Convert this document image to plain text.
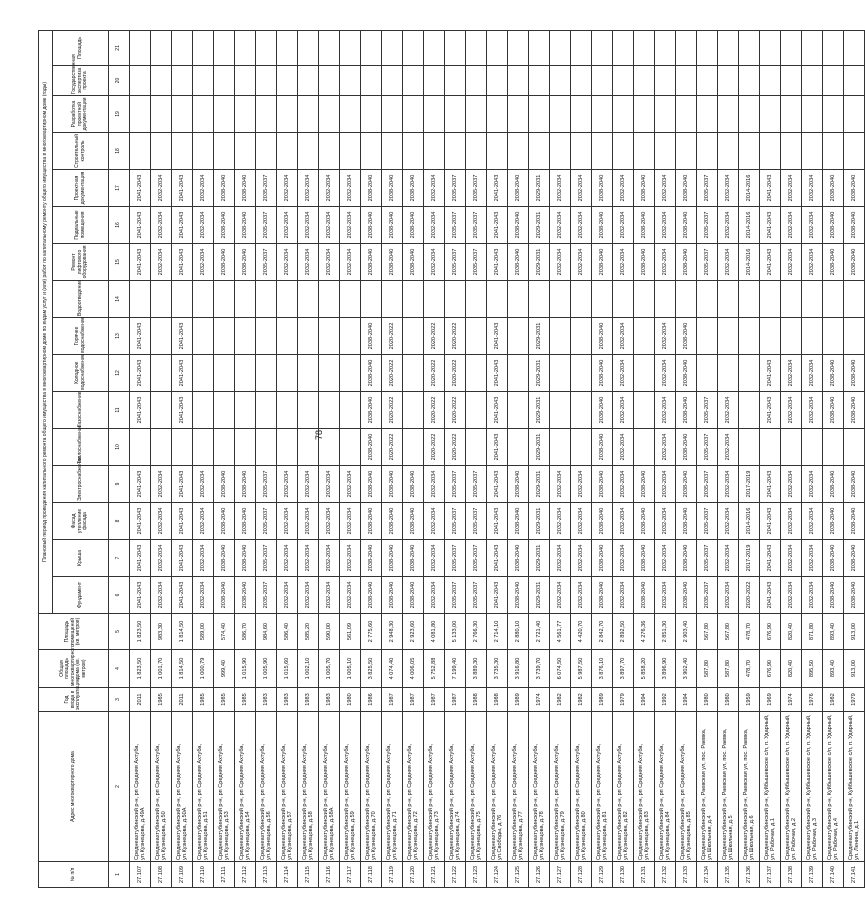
78
№ п/п	Адрес многоквартирного дома	Год ввода в эксплуатацию	Общая площадь многоквартирного дома (кв. метров)	Площадь помещений (кв. метров)	Плановый период проведения капитального ремонта общего имущества в многоквартирном доме по видам услуг и (или) работ по капитальному ремонту общего имущества в многоквартирном доме (годы)															
					Фундамент	Крыша	Фасад утепление фасада	Электроснабжение	Теплоснабжение	Газоснабжение	Холодное водоснабжение	Горячее водоснабжение	Водоотведение	Ремонт лифтового оборудования	Подвальные помещения	Проектная документация	Строительный контроль	Разработка проектной документации	Государственная экспертиза проекта	Площадь
1	2	3	4	5	6	7	8	9	10	11	12	13	14	15	16	17	18	19	20	21
27.107	Среднеахтубинский р-н, рп Средняя Ахтуба, ул.Кузнецова, д.49А	2011	1 823,50	1 823,50	2041-2043	2041-2043	2041-2043	2041-2043		2041-2043	2041-2043	2041-2043		2041-2043	2041-2043	2041-2043				
27.108	Среднеахтубинский р-н, рп Средняя Ахтуба, ул.Кузнецова, д.50	1985	1 001,70	983,30	2032-2034	2032-2034	2032-2034	2032-2034						2032-2034	2032-2034	2032-2034				
27.109	Среднеахтубинский р-н, рп Средняя Ахтуба, ул.Кузнецова, д.50А	2011	1 814,50	1 814,50	2041-2043	2041-2043	2041-2043	2041-2043		2041-2043	2041-2043	2041-2043		2041-2043	2041-2043	2041-2043				
27.110	Среднеахтубинский р-н, рп Средняя Ахтуба, ул.Кузнецова, д.51	1985	1 000,79	589,00	2032-2034	2032-2034	2032-2034	2032-2034						2032-2034	2032-2034	2032-2034				
27.111	Среднеахтубинский р-н, рп Средняя Ахтуба, ул.Кузнецова, д.53	1985	999,40	574,40	2038-2040	2038-2040	2038-2040	2038-2040						2038-2040	2038-2040	2038-2040				
27.112	Среднеахтубинский р-н, рп Средняя Ахтуба, ул.Кузнецова, д.54	1985	1 015,90	586,70	2038-2040	2038-2040	2038-2040	2038-2040						2038-2040	2038-2040	2038-2040				
27.113	Среднеахтубинский р-н, рп Средняя Ахтуба, ул.Кузнецова, д.56	1983	1 005,90	984,60	2035-2037	2035-2037	2035-2037	2035-2037						2035-2037	2035-2037	2035-2037				
27.114	Среднеахтубинский р-н, рп Средняя Ахтуба, ул.Кузнецова, д.57	1983	1 015,60	586,40	2032-2034	2032-2034	2032-2034	2032-2034						2032-2034	2032-2034	2032-2034				
27.115	Среднеахтубинский р-н, рп Средняя Ахтуба, ул.Кузнецова, д.58	1983	1 002,10	585,20	2032-2034	2032-2034	2032-2034	2032-2034						2032-2034	2032-2034	2032-2034				
27.116	Среднеахтубинский р-н, рп Средняя Ахтуба, ул.Кузнецова, д.58А	1983	1 005,70	590,00	2032-2034	2032-2034	2032-2034	2032-2034						2032-2034	2032-2034	2032-2034				
27.117	Среднеахтубинский р-н, рп Средняя Ахтуба, ул.Кузнецова, д.59	1980	1 005,10	561,09	2032-2034	2032-2034	2032-2034	2032-2034						2032-2034	2032-2034	2032-2034				
27.118	Среднеахтубинский р-н, рп Средняя Ахтуба, ул.Кузнецова, д.70	1986	3 825,50	2 775,60	2038-2040	2038-2040	2038-2040	2038-2040	2038-2040	2038-2040	2038-2040	2038-2040		2038-2040	2038-2040	2038-2040				
27.119	Среднеахтубинский р-н, рп Средняя Ахтуба, ул.Кузнецова, д.71	1987	4 074,40	2 948,30	2038-2040	2038-2040	2038-2040	2038-2040	2020-2022	2020-2022	2020-2022	2020-2022		2038-2040	2038-2040	2038-2040				
27.120	Среднеахтубинский р-н, рп Средняя Ахтуба, ул.Кузнецова, д.72	1987	4 006,05	2 923,60	2038-2040	2038-2040	2038-2040	2038-2040						2038-2040	2038-2040	2038-2040				
27.121	Среднеахтубинский р-н, рп Средняя Ахтуба, ул.Кузнецова, д.73	1987	5 752,88	4 081,80	2032-2034	2032-2034	2032-2034	2032-2034	2020-2022	2020-2022	2020-2022	2020-2022		2032-2034	2032-2034	2032-2034				
27.122	Среднеахтубинский р-н, рп Средняя Ахтуба, ул.Кузнецова, д.74	1987	7 199,40	5 133,00	2035-2037	2035-2037	2035-2037	2035-2037	2020-2022	2020-2022	2020-2022	2020-2022		2035-2037	2035-2037	2035-2037				
27.123	Среднеахтубинский р-н, рп Средняя Ахтуба, ул.Кузнецова, д.75	1988	3 889,30	2 766,30	2035-2037	2035-2037	2035-2037	2035-2037						2035-2037	2035-2037	2035-2037				
27.124	Среднеахтубинский р-н, рп Средняя Ахтуба, ул.Свободы, д.76	1988	3 735,30	2 714,10	2041-2043	2041-2043	2041-2043	2041-2043	2041-2043	2041-2043	2041-2043	2041-2043		2041-2043	2041-2043	2041-2043				
27.125	Среднеахтубинский р-н, рп Средняя Ахтуба, ул.Кузнецова, д.77	1989	3 916,80	2 880,10	2038-2040	2038-2040	2038-2040	2038-2040						2038-2040	2038-2040	2038-2040				
27.126	Среднеахтубинский р-н, рп Средняя Ахтуба, ул.Кузнецова, д.78	1974	3 739,70	2 721,40	2029-2031	2029-2031	2029-2031	2029-2031	2029-2031	2029-2031	2029-2031	2029-2031		2029-2031	2029-2031	2029-2031				
27.127	Среднеахтубинский р-н, рп Средняя Ахтуба, ул.Кузнецова, д.79	1982	6 074,50	4 561,77	2032-2034	2032-2034	2032-2034	2032-2034						2032-2034	2032-2034	2032-2034				
27.128	Среднеахтубинский р-н, рп Средняя Ахтуба, ул.Кузнецова, д.80	1982	5 987,50	4 420,70	2032-2034	2032-2034	2032-2034	2032-2034						2032-2034	2032-2034	2032-2034				
27.129	Среднеахтубинский р-н, рп Средняя Ахтуба, ул.Кузнецова, д.81	1989	3 876,10	2 842,70	2038-2040	2038-2040	2038-2040	2038-2040	2038-2040	2038-2040	2038-2040	2038-2040		2038-2040	2038-2040	2038-2040				
27.130	Среднеахтубинский р-н, рп Средняя Ахтуба, ул.Кузнецова, д.82	1979	3 897,70	2 892,50	2032-2034	2032-2034	2032-2034	2032-2034	2032-2034	2032-2034	2032-2034	2032-2034		2032-2034	2032-2034	2032-2034				
27.131	Среднеахтубинский р-н, рп Средняя Ахтуба, ул.Кузнецова, д.83	1994	5 858,20	4 276,36	2038-2040	2038-2040	2038-2040	2038-2040						2038-2040	2038-2040	2038-2040				
27.132	Среднеахтубинский р-н, рп Средняя Ахтуба, ул.Кузнецова, д.84	1992	3 896,90	2 851,30	2032-2034	2032-2034	2032-2034	2032-2034	2032-2034	2032-2034	2032-2034	2032-2034		2032-2034	2032-2034	2032-2034				
27.133	Среднеахтубинский р-н, рп Средняя Ахтуба, ул.Кузнецова, д.85	1994	3 902,40	2 903,40	2038-2040	2038-2040	2038-2040	2038-2040	2038-2040	2038-2040	2038-2040	2038-2040		2038-2040	2038-2040	2038-2040				
27.134	Среднеахтубинский р-н, Раевская ул, пос. Раевка, ул.Школьная, д.4	1980	587,80	567,80	2035-2037	2035-2037	2035-2037	2035-2037	2035-2037	2035-2037				2035-2037	2035-2037	2035-2037				
27.135	Среднеахтубинский р-н, Раевская ул, пос. Раевка, ул.Школьная, д.5	1980	587,80	567,80	2032-2034	2032-2034	2032-2034	2032-2034	2032-2034	2032-2034				2032-2034	2032-2034	2032-2034				
27.136	Среднеахтубинский р-н, Раевская ул, пос. Раевка, ул.Школьная, д.6	1959	478,70	478,70	2020-2022	2017-2019	2014-2016	2017-2019						2014-2016	2014-2016	2014-2016				
27.137	Среднеахтубинский р-н, Куйбышевское с/п, п. Ударный, ул. Рабочая, д.1	1969	676,90	676,90	2041-2043	2041-2043	2041-2043	2041-2043		2041-2043	2041-2043			2041-2043	2041-2043	2041-2043				
27.138	Среднеахтубинский р-н, Куйбышевское с/п, п. Ударный, ул. Рабочая, д.2	1974	820,40	820,40	2032-2034	2032-2034	2032-2034	2032-2034		2032-2034	2032-2034			2032-2034	2032-2034	2032-2034				
27.139	Среднеахтубинский р-н, Куйбышевское с/п, п. Ударный, ул. Рабочая, д.3	1976	895,50	871,80	2032-2034	2032-2034	2032-2034	2032-2034		2032-2034	2032-2034			2032-2034	2032-2034	2032-2034				
27.140	Среднеахтубинский р-н, Куйбышевское с/п, п. Ударный, ул. Рабочая, д.4	1982	893,40	893,40	2038-2040	2038-2040	2038-2040	2038-2040		2038-2040	2038-2040			2038-2040	2038-2040	2038-2040				
27.141	Среднеахтубинский р-н, Куйбышевское с/п, п. Ударный, ул. Ленина, д.1	1979	913,00	913,00	2038-2040	2038-2040	2038-2040	2038-2040		2038-2040	2038-2040			2038-2040	2038-2040	2038-2040				
